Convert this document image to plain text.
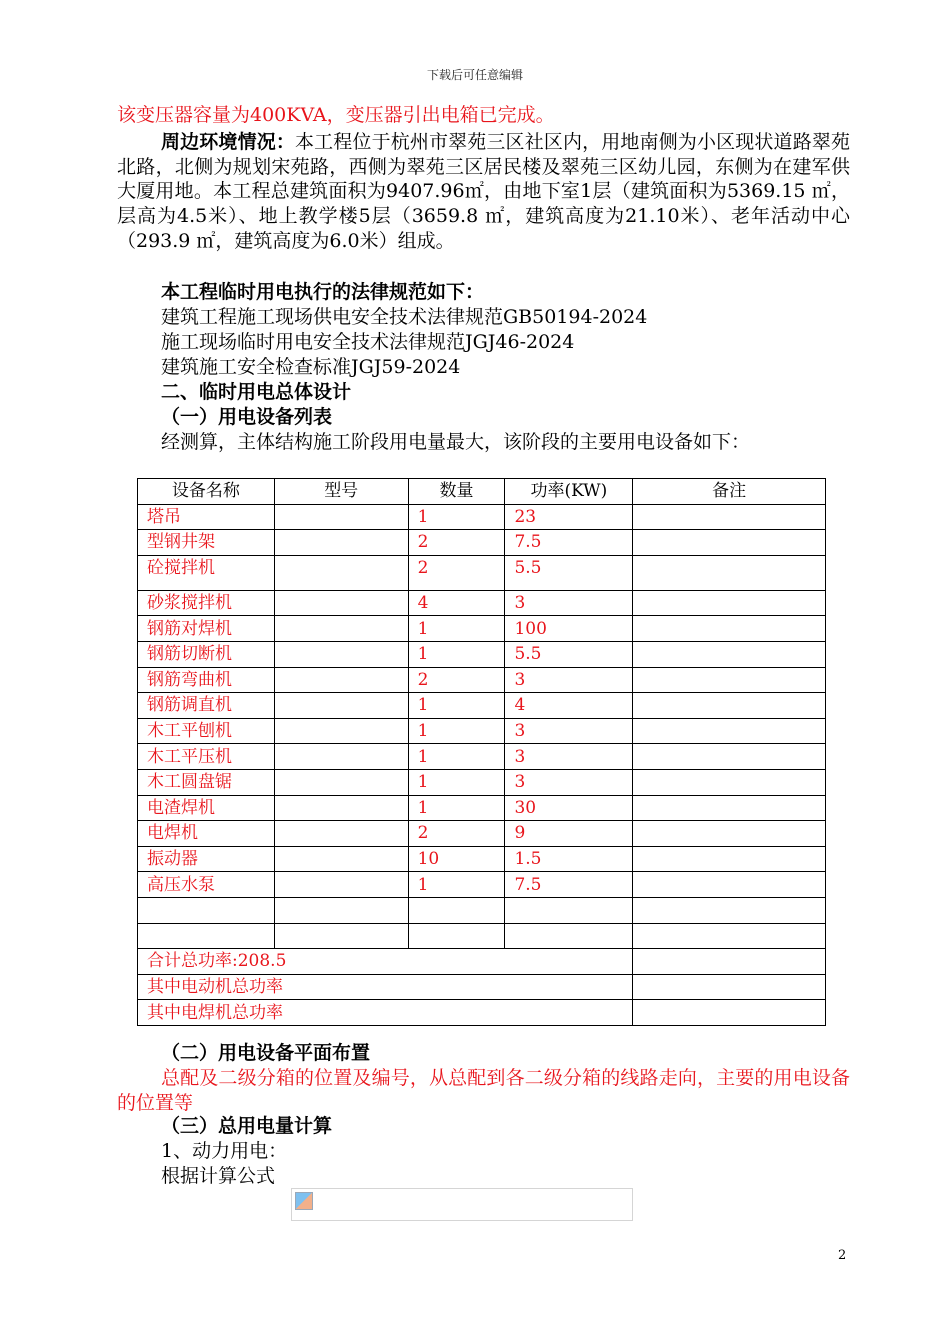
下载后可任意编辑
该变压器容量为400KVA，变压器引出电箱已完成。
周边环境情况：本工程位于杭州市翠苑三区社区内，用地南侧为小区现状道路翠苑北路，北侧为规划宋苑路，西侧为翠苑三区居民楼及翠苑三区幼儿园，东侧为在建军供大厦用地。本工程总建筑面积为9407.96㎡，由地下室1层（建筑面积为5369.15 ㎡，层高为4.5米）、地上教学楼5层（3659.8 ㎡，建筑高度为21.10米）、老年活动中心（293.9 ㎡，建筑高度为6.0米）组成。
本工程临时用电执行的法律规范如下：
建筑工程施工现场供电安全技术法律规范GB50194-2024
施工现场临时用电安全技术法律规范JGJ46-2024
建筑施工安全检查标准JGJ59-2024
二、临时用电总体设计
（一）用电设备列表
经测算，主体结构施工阶段用电量最大，该阶段的主要用电设备如下：
设备名称	型号	数量	功率(KW)	备注
塔吊		1	23	
型钢井架		2	7.5	
砼搅拌机		2	5.5	
砂浆搅拌机		4	3	
钢筋对焊机		1	100	
钢筋切断机		1	5.5	
钢筋弯曲机		2	3	
钢筋调直机		1	4	
木工平刨机		1	3	
木工平压机		1	3	
木工圆盘锯		1	3	
电渣焊机		1	30	
电焊机		2	9	
振动器		10	1.5	
高压水泵		1	7.5	

合计总功率:208.5				
其中电动机总功率				
其中电焊机总功率				
（二）用电设备平面布置
总配及二级分箱的位置及编号，从总配到各二级分箱的线路走向，主要的用电设备的位置等
（三）总用电量计算
1、动力用电：
根据计算公式
2
